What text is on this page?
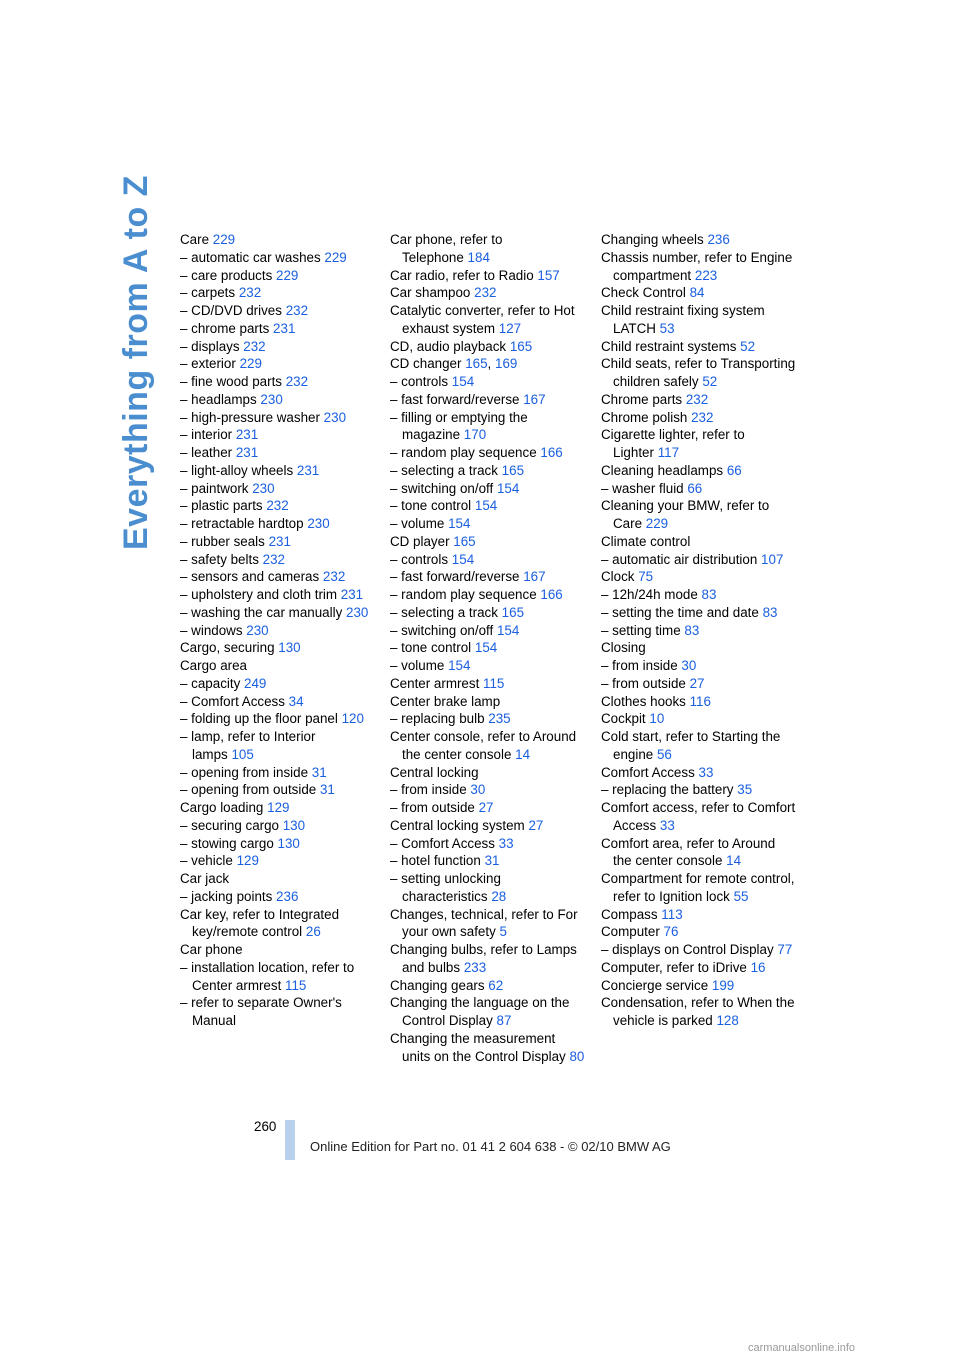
Everything from A to Z Care 229
– automatic car washes 229
– care products 229
– carpets 232
– CD/DVD drives 232
– chrome parts 231
– displays 232
– exterior 229
– fine wood parts 232
– headlamps 230
– high-pressure washer 230
– interior 231
– leather 231
– light-alloy wheels 231
– paintwork 230
– plastic parts 232
– retractable hardtop 230
– rubber seals 231
– safety belts 232
– sensors and cameras 232
– upholstery and cloth trim 231
– washing the car manually 230
– windows 230
Cargo, securing 130
Cargo area
– capacity 249
– Comfort Access 34
– folding up the floor panel 120
– lamp, refer to Interior lamps 105
– opening from inside 31
– opening from outside 31
Cargo loading 129
– securing cargo 130
– stowing cargo 130
– vehicle 129
Car jack
– jacking points 236
Car key, refer to Integrated key/remote control 26
Car phone
– installation location, refer to Center armrest 115
– refer to separate Owner's Manual
Car phone, refer to Telephone 184
Car radio, refer to Radio 157
Car shampoo 232
Catalytic converter, refer to Hot exhaust system 127
CD, audio playback 165
CD changer 165, 169
– controls 154
– fast forward/reverse 167
– filling or emptying the magazine 170
– random play sequence 166
– selecting a track 165
– switching on/off 154
– tone control 154
– volume 154
CD player 165
– controls 154
– fast forward/reverse 167
– random play sequence 166
– selecting a track 165
– switching on/off 154
– tone control 154
– volume 154
Center armrest 115
Center brake lamp
– replacing bulb 235
Center console, refer to Around the center console 14
Central locking
– from inside 30
– from outside 27
Central locking system 27
– Comfort Access 33
– hotel function 31
– setting unlocking characteristics 28
Changes, technical, refer to For your own safety 5
Changing bulbs, refer to Lamps and bulbs 233
Changing gears 62
Changing the language on the Control Display 87
Changing the measurement units on the Control Display 80
Changing wheels 236
Chassis number, refer to Engine compartment 223
Check Control 84
Child restraint fixing system LATCH 53
Child restraint systems 52
Child seats, refer to Transporting children safely 52
Chrome parts 232
Chrome polish 232
Cigarette lighter, refer to Lighter 117
Cleaning headlamps 66
– washer fluid 66
Cleaning your BMW, refer to Care 229
Climate control
– automatic air distribution 107
Clock 75
– 12h/24h mode 83
– setting the time and date 83
– setting time 83
Closing
– from inside 30
– from outside 27
Clothes hooks 116
Cockpit 10
Cold start, refer to Starting the engine 56
Comfort Access 33
– replacing the battery 35
Comfort access, refer to Comfort Access 33
Comfort area, refer to Around the center console 14
Compartment for remote control, refer to Ignition lock 55
Compass 113
Computer 76
– displays on Control Display 77
Computer, refer to iDrive 16
Concierge service 199
Condensation, refer to When the vehicle is parked 128
260
Online Edition for Part no. 01 41 2 604 638 - © 02/10 BMW AG
carmanualsonline.info
